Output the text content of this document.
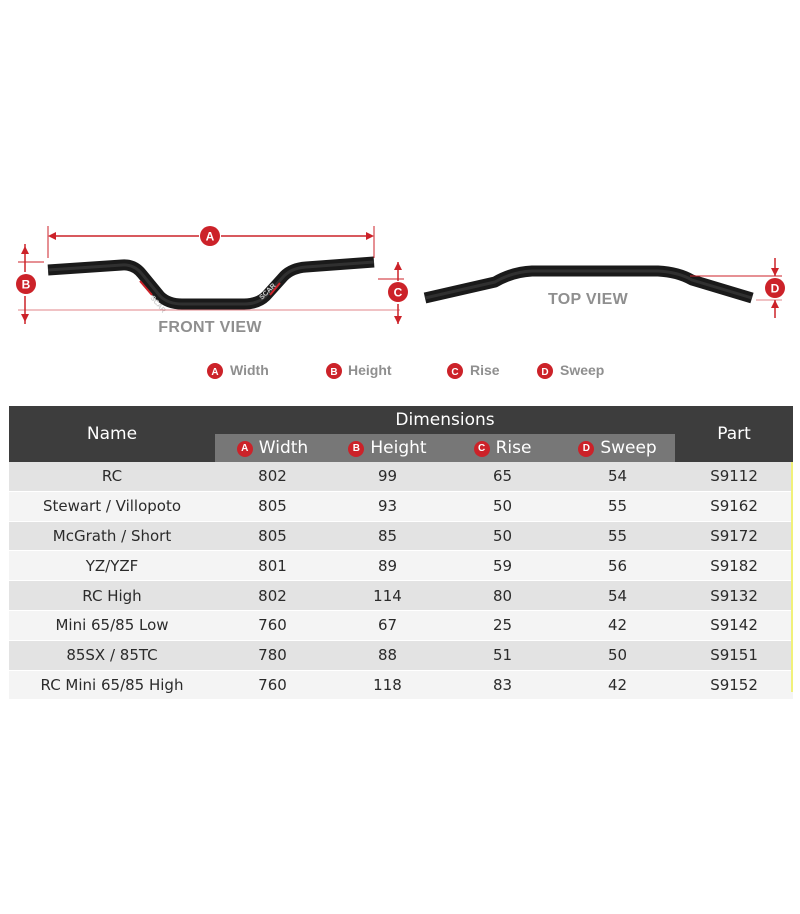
SCAR
SCAR
A
B
C
FRONT VIEW
TOP VIEW
D
A Width	B Height	C Rise	D Sweep
Name	Dimensions				Part
	A Width	B Height	C Rise	D Sweep	
RC	802	99	65	54	S9112
Stewart / Villopoto	805	93	50	55	S9162
McGrath / Short	805	85	50	55	S9172
YZ/YZF	801	89	59	56	S9182
RC High	802	114	80	54	S9132
Mini 65/85 Low	760	67	25	42	S9142
85SX / 85TC	780	88	51	50	S9151
RC Mini 65/85 High	760	118	83	42	S9152
